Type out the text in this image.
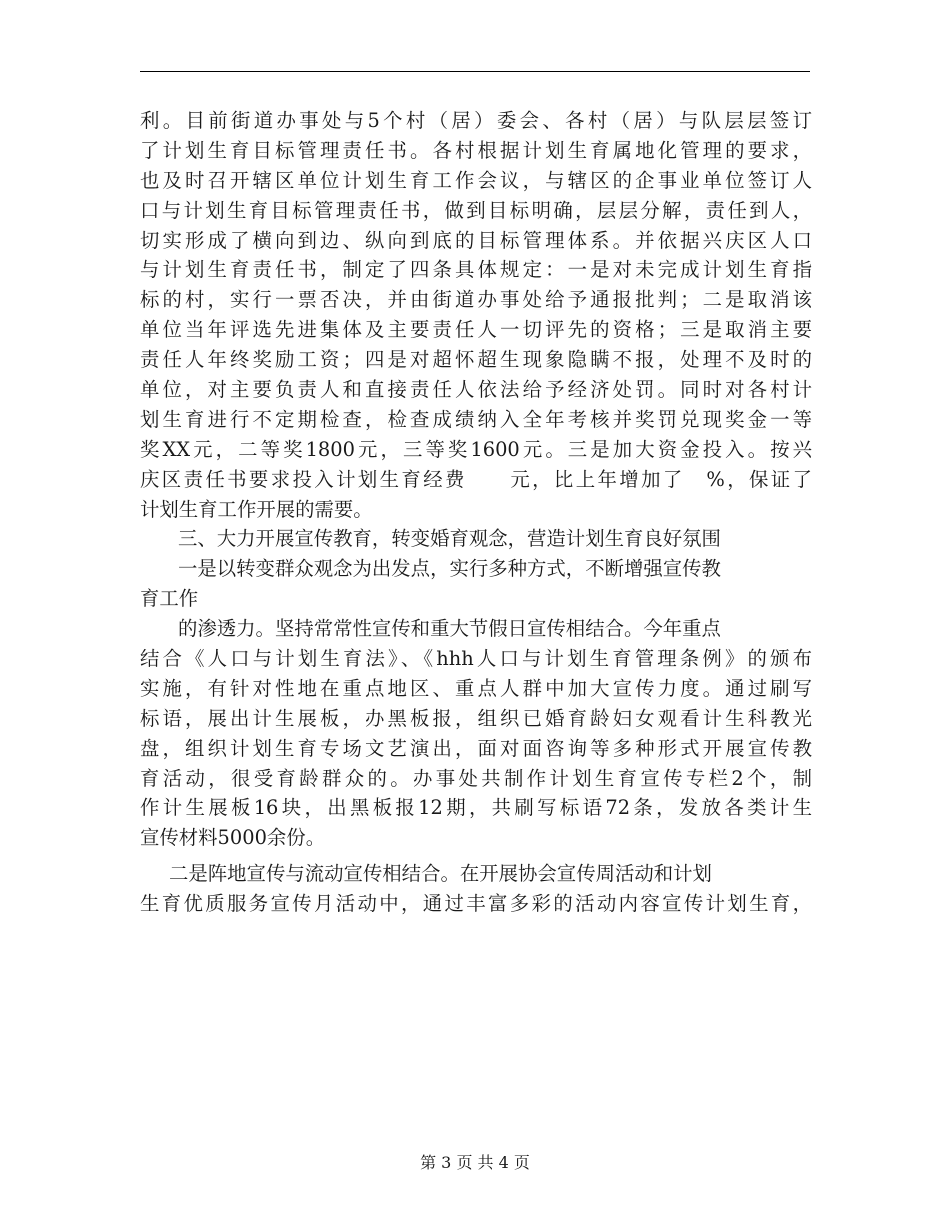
利。目前街道办事处与5个村（居）委会、各村（居）与队层层签订
了计划生育目标管理责任书。各村根据计划生育属地化管理的要求，
也及时召开辖区单位计划生育工作会议，与辖区的企事业单位签订人
口与计划生育目标管理责任书，做到目标明确，层层分解，责任到人，
切实形成了横向到边、纵向到底的目标管理体系。并依据兴庆区人口
与计划生育责任书，制定了四条具体规定：一是对未完成计划生育指
标的村，实行一票否决，并由街道办事处给予通报批判；二是取消该
单位当年评选先进集体及主要责任人一切评先的资格；三是取消主要
责任人年终奖励工资；四是对超怀超生现象隐瞒不报，处理不及时的
单位，对主要负责人和直接责任人依法给予经济处罚。同时对各村计
划生育进行不定期检查，检查成绩纳入全年考核并奖罚兑现奖金一等
奖XX元，二等奖1800元，三等奖1600元。三是加大资金投入。按兴
庆区责任书要求投入计划生育经费　　元，比上年增加了　%，保证了
计划生育工作开展的需要。
三、大力开展宣传教育，转变婚育观念，营造计划生育良好氛围
一是以转变群众观念为出发点，实行多种方式，不断增强宣传教
育工作
的渗透力。坚持常常性宣传和重大节假日宣传相结合。今年重点
结合《人口与计划生育法》、《hhh人口与计划生育管理条例》的颁布
实施，有针对性地在重点地区、重点人群中加大宣传力度。通过刷写
标语，展出计生展板，办黑板报，组织已婚育龄妇女观看计生科教光
盘，组织计划生育专场文艺演出，面对面咨询等多种形式开展宣传教
育活动，很受育龄群众的。办事处共制作计划生育宣传专栏2个，制
作计生展板16块，出黑板报12期，共刷写标语72条，发放各类计生
宣传材料5000余份。
二是阵地宣传与流动宣传相结合。在开展协会宣传周活动和计划
生育优质服务宣传月活动中，通过丰富多彩的活动内容宣传计划生育，
第 3 页 共 4 页
